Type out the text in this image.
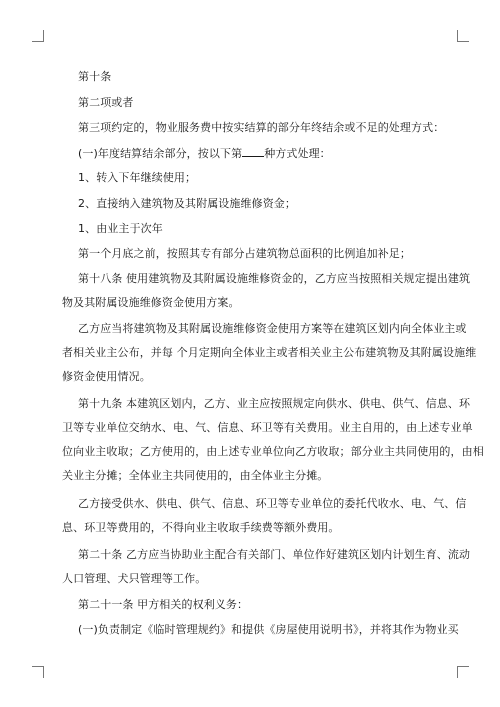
第十条
第二项或者
第三项约定的，物业服务费中按实结算的部分年终结余或不足的处理方式：
(一)年度结算结余部分，按以下第 种方式处理：
1、转入下年继续使用；
2、直接纳入建筑物及其附属设施维修资金；
1、由业主于次年
第一个月底之前，按照其专有部分占建筑物总面积的比例追加补足；
第十八条 使用建筑物及其附属设施维修资金的，乙方应当按照相关规定提出建筑
物及其附属设施维修资金使用方案。
乙方应当将建筑物及其附属设施维修资金使用方案等在建筑区划内向全体业主或
者相关业主公布，并每 个月定期向全体业主或者相关业主公布建筑物及其附属设施维
修资金使用情况。
第十九条 本建筑区划内，乙方、业主应按照规定向供水、供电、供气、信息、环
卫等专业单位交纳水、电、气、信息、环卫等有关费用。业主自用的，由上述专业单
位向业主收取；乙方使用的，由上述专业单位向乙方收取；部分业主共同使用的，由相
关业主分摊；全体业主共同使用的，由全体业主分摊。
乙方接受供水、供电、供气、信息、环卫等专业单位的委托代收水、电、气、信
息、环卫等费用的，不得向业主收取手续费等额外费用。
第二十条 乙方应当协助业主配合有关部门、单位作好建筑区划内计划生育、流动
人口管理、犬只管理等工作。
第二十一条 甲方相关的权利义务：
(一)负责制定《临时管理规约》和提供《房屋使用说明书》，并将其作为物业买
